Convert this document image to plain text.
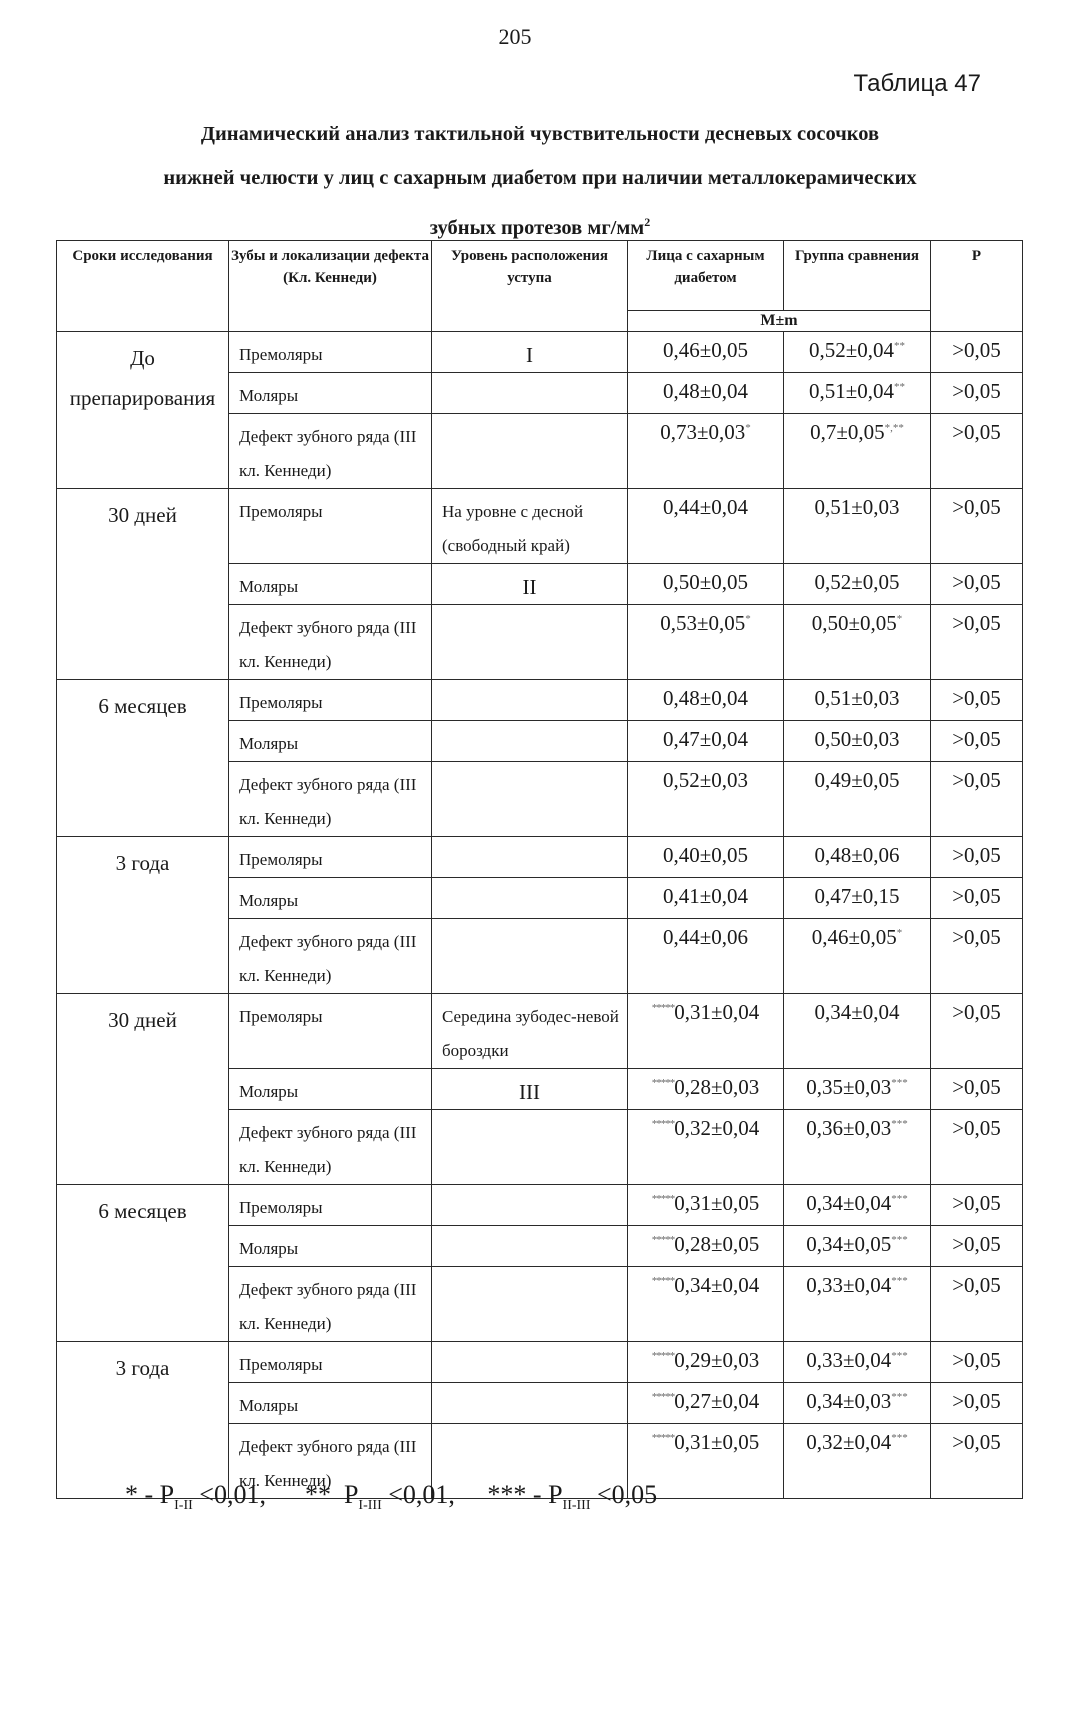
205
Таблица 47
Динамический анализ тактильной чувствительности десневых сосочков
нижней челюсти у лиц с сахарным диабетом при наличии металлокерамических
зубных протезов $мг/мм^2$
Сроки исследования	Зубы и локализации дефекта (Кл. Кеннеди)	Уровень расположения уступа	Лица с сахарным диабетом	Группа сравнения	P
			M±m		
До препарирования	Премоляры	I	0,46±0,05	0,52±0,04**	>0,05
	Моляры		0,48±0,04	0,51±0,04**	>0,05
	Дефект зубного ряда (III кл. Кеннеди)		0,73±0,03*	0,7±0,05*,**	>0,05
30 дней	Премоляры	На уровне с десной (свободный край)	0,44±0,04	0,51±0,03	>0,05
	Моляры	II	0,50±0,05	0,52±0,05	>0,05
	Дефект зубного ряда (III кл. Кеннеди)		0,53±0,05*	0,50±0,05*	>0,05
6 месяцев	Премоляры		0,48±0,04	0,51±0,03	>0,05
	Моляры		0,47±0,04	0,50±0,03	>0,05
	Дефект зубного ряда (III кл. Кеннеди)		0,52±0,03	0,49±0,05	>0,05
3 года	Премоляры		0,40±0,05	0,48±0,06	>0,05
	Моляры		0,41±0,04	0,47±0,15	>0,05
	Дефект зубного ряда (III кл. Кеннеди)		0,44±0,06	0,46±0,05*	>0,05
30 дней	Премоляры	Середина зубодес-невой бороздки	*****0,31±0,04	0,34±0,04	>0,05
	Моляры	III	*****0,28±0,03	0,35±0,03***	>0,05
	Дефект зубного ряда (III кл. Кеннеди)		*****0,32±0,04	0,36±0,03***	>0,05
6 месяцев	Премоляры		*****0,31±0,05	0,34±0,04***	>0,05
	Моляры		*****0,28±0,05	0,34±0,05***	>0,05
	Дефект зубного ряда (III кл. Кеннеди)		*****0,34±0,04	0,33±0,04***	>0,05
3 года	Премоляры		*****0,29±0,03	0,33±0,04***	>0,05
	Моляры		*****0,27±0,04	0,34±0,03***	>0,05
	Дефект зубного ряда (III кл. Кеннеди)		*****0,31±0,05	0,32±0,04***	>0,05
* - $P_{I-II} <0,01$, **  $P_{I-III} <0,01$, *** - $P_{II-III} <0,05$
